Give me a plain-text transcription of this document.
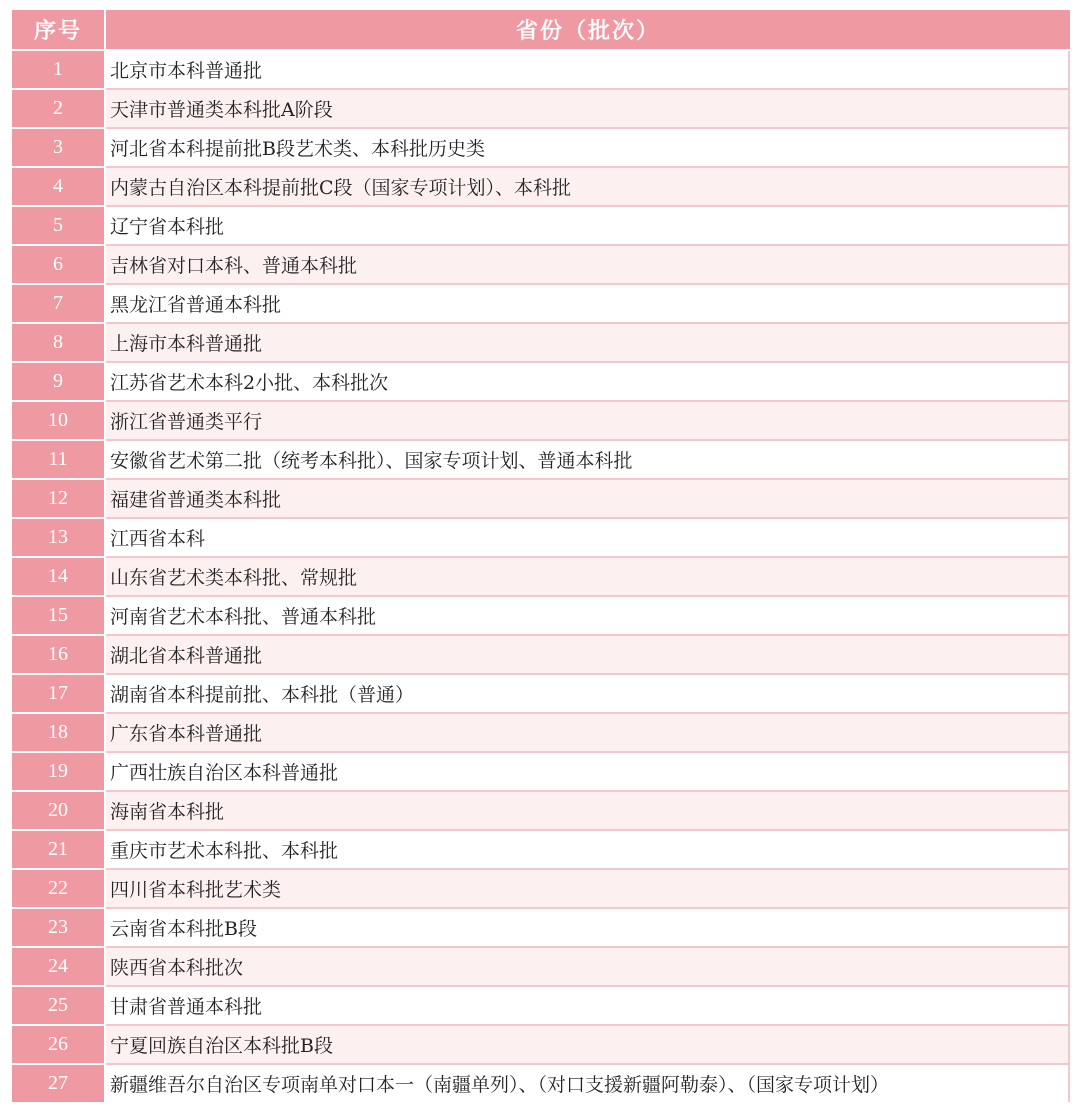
序号	省份（批次）
1	北京市本科普通批
2	天津市普通类本科批A阶段
3	河北省本科提前批B段艺术类、本科批历史类
4	内蒙古自治区本科提前批C段（国家专项计划）、本科批
5	辽宁省本科批
6	吉林省对口本科、普通本科批
7	黑龙江省普通本科批
8	上海市本科普通批
9	江苏省艺术本科2小批、本科批次
10	浙江省普通类平行
11	安徽省艺术第二批（统考本科批）、国家专项计划、普通本科批
12	福建省普通类本科批
13	江西省本科
14	山东省艺术类本科批、常规批
15	河南省艺术本科批、普通本科批
16	湖北省本科普通批
17	湖南省本科提前批、本科批（普通）
18	广东省本科普通批
19	广西壮族自治区本科普通批
20	海南省本科批
21	重庆市艺术本科批、本科批
22	四川省本科批艺术类
23	云南省本科批B段
24	陕西省本科批次
25	甘肃省普通本科批
26	宁夏回族自治区本科批B段
27	新疆维吾尔自治区专项南单对口本一（南疆单列）、（对口支援新疆阿勒泰）、（国家专项计划）
